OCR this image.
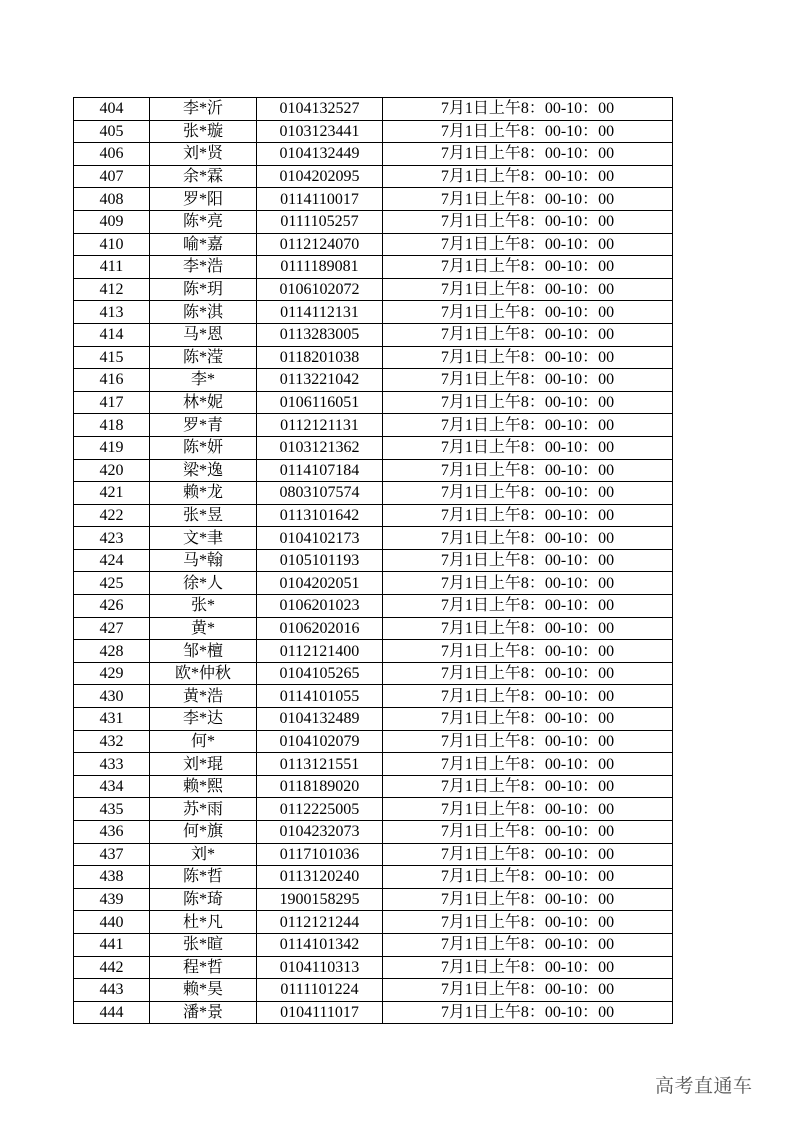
404	李*沂	0104132527	7月1日上午8：00-10：00
405	张*璇	0103123441	7月1日上午8：00-10：00
406	刘*贤	0104132449	7月1日上午8：00-10：00
407	余*霖	0104202095	7月1日上午8：00-10：00
408	罗*阳	0114110017	7月1日上午8：00-10：00
409	陈*亮	0111105257	7月1日上午8：00-10：00
410	喻*嘉	0112124070	7月1日上午8：00-10：00
411	李*浩	0111189081	7月1日上午8：00-10：00
412	陈*玥	0106102072	7月1日上午8：00-10：00
413	陈*淇	0114112131	7月1日上午8：00-10：00
414	马*恩	0113283005	7月1日上午8：00-10：00
415	陈*滢	0118201038	7月1日上午8：00-10：00
416	李*	0113221042	7月1日上午8：00-10：00
417	林*妮	0106116051	7月1日上午8：00-10：00
418	罗*青	0112121131	7月1日上午8：00-10：00
419	陈*妍	0103121362	7月1日上午8：00-10：00
420	梁*逸	0114107184	7月1日上午8：00-10：00
421	赖*龙	0803107574	7月1日上午8：00-10：00
422	张*昱	0113101642	7月1日上午8：00-10：00
423	文*聿	0104102173	7月1日上午8：00-10：00
424	马*翰	0105101193	7月1日上午8：00-10：00
425	徐*人	0104202051	7月1日上午8：00-10：00
426	张*	0106201023	7月1日上午8：00-10：00
427	黄*	0106202016	7月1日上午8：00-10：00
428	邹*檀	0112121400	7月1日上午8：00-10：00
429	欧*仲秋	0104105265	7月1日上午8：00-10：00
430	黄*浩	0114101055	7月1日上午8：00-10：00
431	李*达	0104132489	7月1日上午8：00-10：00
432	何*	0104102079	7月1日上午8：00-10：00
433	刘*琨	0113121551	7月1日上午8：00-10：00
434	赖*熙	0118189020	7月1日上午8：00-10：00
435	苏*雨	0112225005	7月1日上午8：00-10：00
436	何*旗	0104232073	7月1日上午8：00-10：00
437	刘*	0117101036	7月1日上午8：00-10：00
438	陈*哲	0113120240	7月1日上午8：00-10：00
439	陈*琦	1900158295	7月1日上午8：00-10：00
440	杜*凡	0112121244	7月1日上午8：00-10：00
441	张*暄	0114101342	7月1日上午8：00-10：00
442	程*哲	0104110313	7月1日上午8：00-10：00
443	赖*昊	0111101224	7月1日上午8：00-10：00
444	潘*景	0104111017	7月1日上午8：00-10：00
高考直通车
